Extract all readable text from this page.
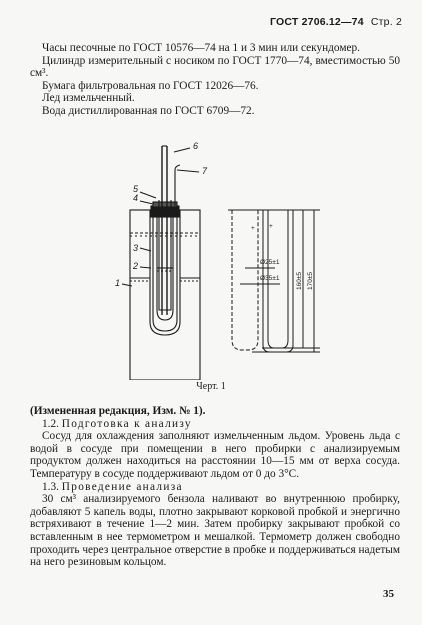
ГОСТ 2706.12—74 Стр. 2

Часы песочные по ГОСТ 10576—74 на 1 и 3 мин или секундомер.

Цилиндр измерительный с носиком по ГОСТ 1770—74, вместимостью 50 см³.

Бумага фильтровальная по ГОСТ 12026—76.

Лед измельченный.

Вода дистиллированная по ГОСТ 6709—72.

6
7
5
4
3
2
1
+ +
Ø25±1
Ø35±1	160±5 170±5
Черт. 1

(Измененная редакция, Изм. № 1).

1.2. Подготовка к анализу

Сосуд для охлаждения заполняют измельченным льдом. Уровень льда с водой в сосуде при помещении в него пробирки с анализируемым продуктом должен находиться на расстоянии 10—15 мм от верха сосуда. Температуру в сосуде поддерживают льдом от 0 до 3°С.

1.3. Проведение анализа

30 см³ анализируемого бензола наливают во внутреннюю пробирку, добавляют 5 капель воды, плотно закрывают корковой пробкой и энергично встряхивают в течение 1—2 мин. Затем пробирку закрывают пробкой со вставленным в нее термометром и мешалкой. Термометр должен свободно проходить через центральное отверстие в пробке и поддерживаться надетым на него резиновым кольцом.

35
